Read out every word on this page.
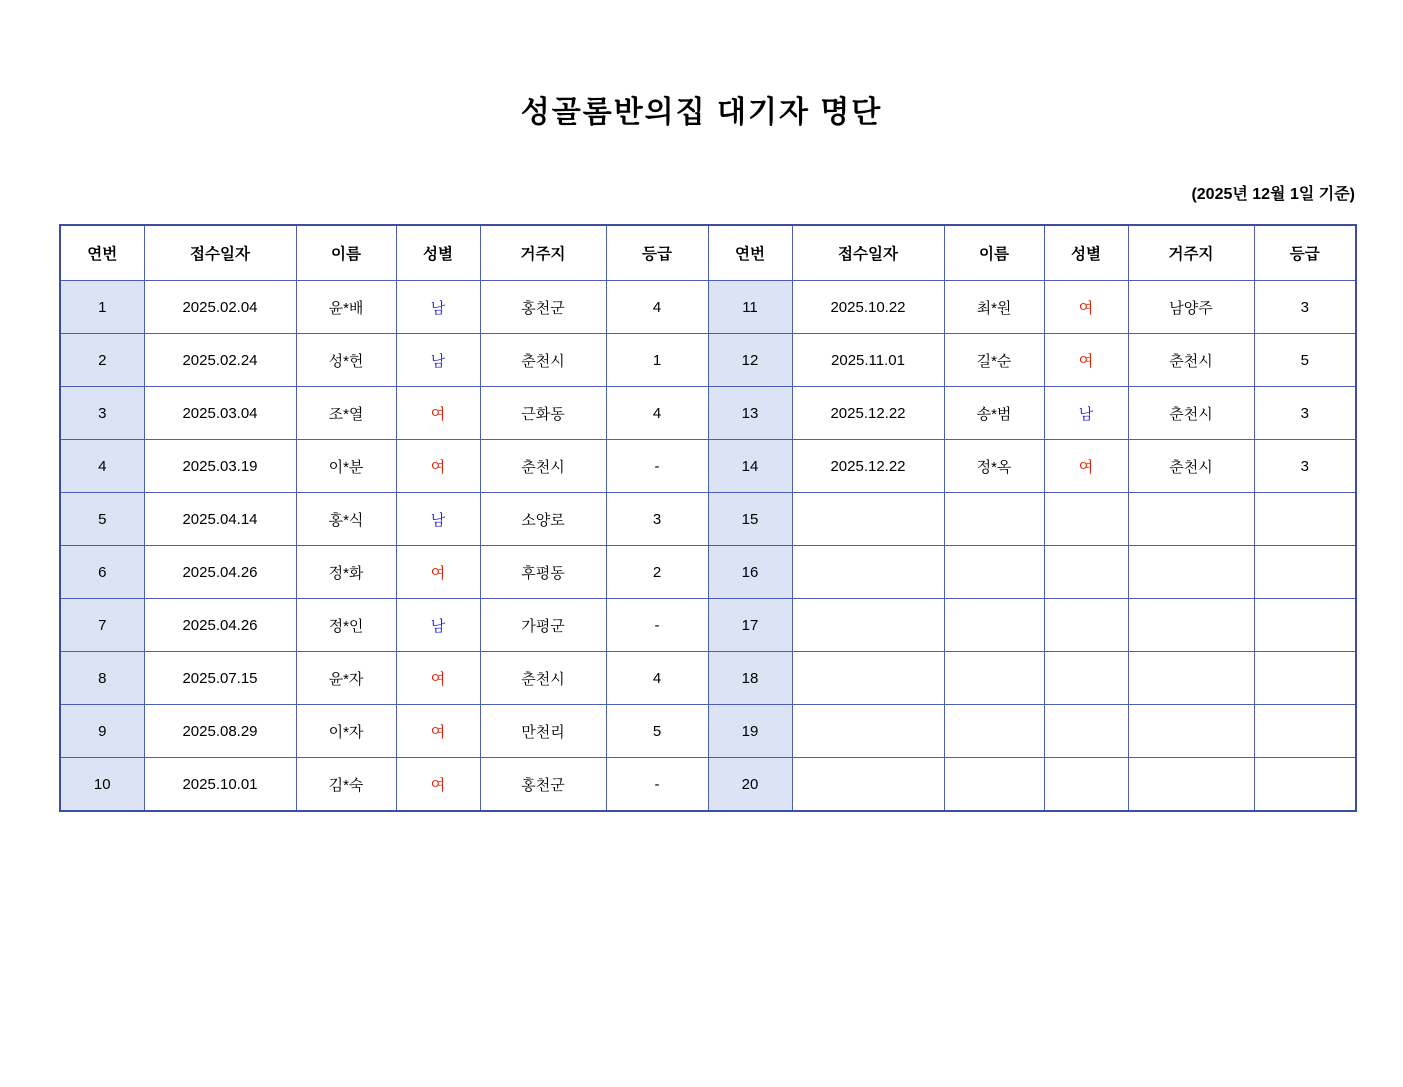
성골롬반의집 대기자 명단
(2025년 12월 1일 기준)
연번	접수일자	이름	성별	거주지	등급	연번	접수일자	이름	성별	거주지	등급
1	2025.02.04	윤*배	남	홍천군	4	11	2025.10.22	최*원	여	남양주	3
2	2025.02.24	성*헌	남	춘천시	1	12	2025.11.01	길*순	여	춘천시	5
3	2025.03.04	조*열	여	근화동	4	13	2025.12.22	송*범	남	춘천시	3
4	2025.03.19	이*분	여	춘천시	-	14	2025.12.22	정*옥	여	춘천시	3
5	2025.04.14	홍*식	남	소양로	3	15					
6	2025.04.26	정*화	여	후평동	2	16					
7	2025.04.26	정*인	남	가평군	-	17					
8	2025.07.15	윤*자	여	춘천시	4	18					
9	2025.08.29	이*자	여	만천리	5	19					
10	2025.10.01	김*숙	여	홍천군	-	20					
